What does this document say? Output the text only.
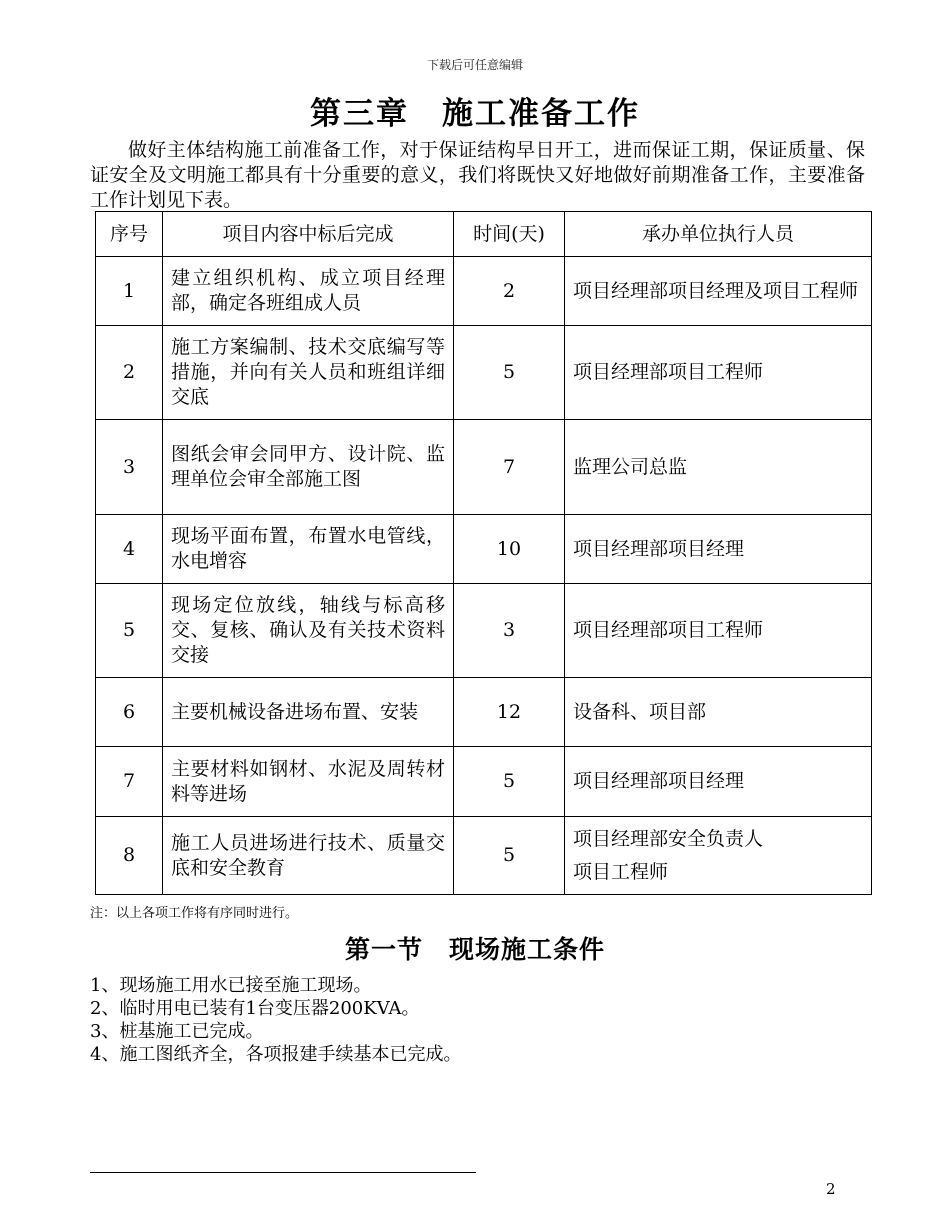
下载后可任意编辑
第三章　施工准备工作

做好主体结构施工前准备工作，对于保证结构早日开工，进而保证工期，保证质量、保证安全及文明施工都具有十分重要的意义，我们将既快又好地做好前期准备工作，主要准备工作计划见下表。

序号	项目内容中标后完成	时间(天)	承办单位执行人员
1	建立组织机构、成立项目经理部，确定各班组成人员	2	项目经理部项目经理及项目工程师
2	施工方案编制、技术交底编写等措施，并向有关人员和班组详细交底	5	项目经理部项目工程师
3	图纸会审会同甲方、设计院、监理单位会审全部施工图	7	监理公司总监
4	现场平面布置，布置水电管线，水电增容	10	项目经理部项目经理
5	现场定位放线，轴线与标高移交、复核、确认及有关技术资料交接	3	项目经理部项目工程师
6	主要机械设备进场布置、安装	12	设备科、项目部
7	主要材料如钢材、水泥及周转材料等进场	5	项目经理部项目经理
8	施工人员进场进行技术、质量交底和安全教育	5	项目经理部安全负责人
项目工程师
注：以上各项工作将有序同时进行。
第一节　现场施工条件
1、现场施工用水已接至施工现场。
2、临时用电已装有1台变压器200KVA。
3、桩基施工已完成。
4、施工图纸齐全，各项报建手续基本已完成。
2
